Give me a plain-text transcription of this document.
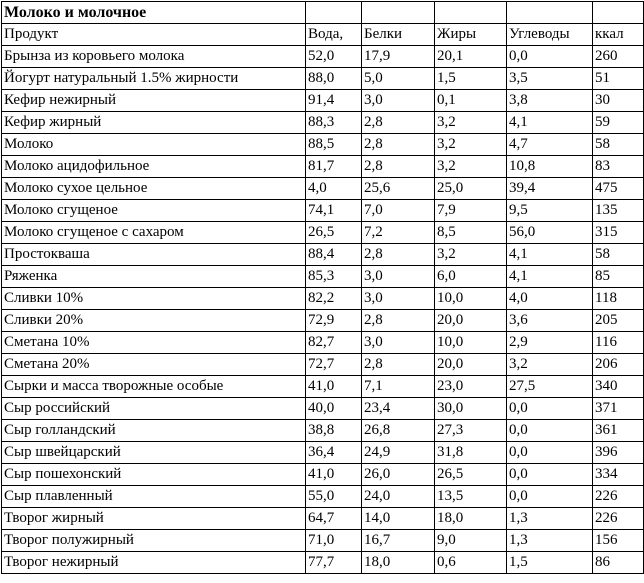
Молоко и молочное					
Продукт	Вода,	Белки	Жиры	Углеводы	ккал
Брынза из коровьего молока	52,0	17,9	20,1	0,0	260
Йогурт натуральный 1.5% жирности	88,0	5,0	1,5	3,5	51
Кефир нежирный	91,4	3,0	0,1	3,8	30
Кефир жирный	88,3	2,8	3,2	4,1	59
Молоко	88,5	2,8	3,2	4,7	58
Молоко ацидофильное	81,7	2,8	3,2	10,8	83
Молоко сухое цельное	4,0	25,6	25,0	39,4	475
Молоко сгущеное	74,1	7,0	7,9	9,5	135
Молоко сгущеное с сахаром	26,5	7,2	8,5	56,0	315
Простокваша	88,4	2,8	3,2	4,1	58
Ряженка	85,3	3,0	6,0	4,1	85
Сливки 10%	82,2	3,0	10,0	4,0	118
Сливки 20%	72,9	2,8	20,0	3,6	205
Сметана 10%	82,7	3,0	10,0	2,9	116
Сметана 20%	72,7	2,8	20,0	3,2	206
Сырки и масса творожные особые	41,0	7,1	23,0	27,5	340
Сыр российский	40,0	23,4	30,0	0,0	371
Сыр голландский	38,8	26,8	27,3	0,0	361
Сыр швейцарский	36,4	24,9	31,8	0,0	396
Сыр пошехонский	41,0	26,0	26,5	0,0	334
Сыр плавленный	55,0	24,0	13,5	0,0	226
Творог жирный	64,7	14,0	18,0	1,3	226
Творог полужирный	71,0	16,7	9,0	1,3	156
Творог нежирный	77,7	18,0	0,6	1,5	86
